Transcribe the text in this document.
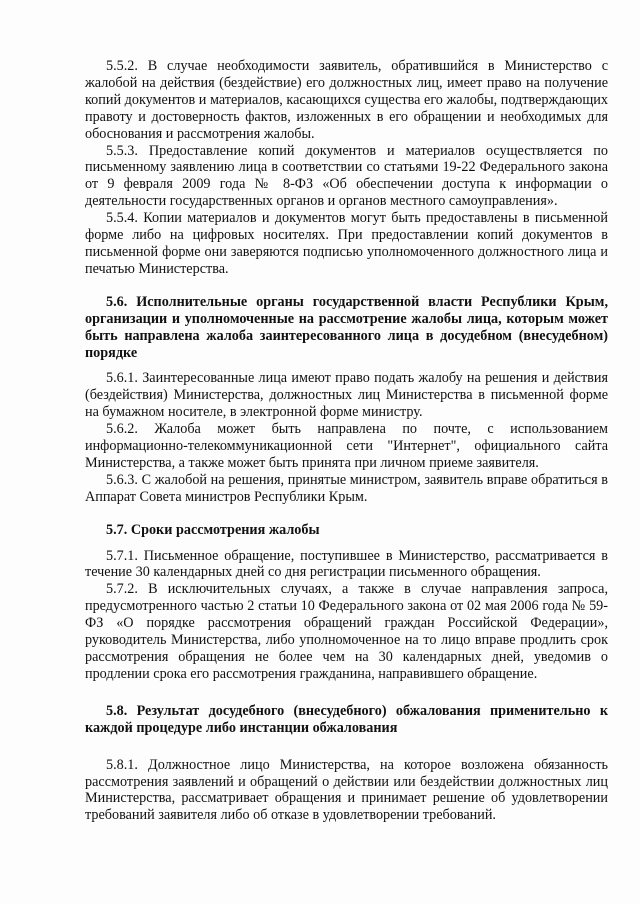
5.5.2. В случае необходимости заявитель, обратившийся в Министерство с жалобой на действия (бездействие) его должностных лиц, имеет право на получение копий документов и материалов, касающихся существа его жалобы, подтверждающих правоту и достоверность фактов, изложенных в его обращении и необходимых для обоснования и рассмотрения жалобы.

5.5.3. Предоставление копий документов и материалов осуществляется по письменному заявлению лица в соответствии со статьями 19-22 Федерального закона от 9 февраля 2009 года № 8-ФЗ «Об обеспечении доступа к информации о деятельности государственных органов и органов местного самоуправления».

5.5.4. Копии материалов и документов могут быть предоставлены в письменной форме либо на цифровых носителях. При предоставлении копий документов в письменной форме они заверяются подписью уполномоченного должностного лица и печатью Министерства.

5.6. Исполнительные органы государственной власти Республики Крым, организации и уполномоченные на рассмотрение жалобы лица, которым может быть направлена жалоба заинтересованного лица в досудебном (внесудебном) порядке

5.6.1. Заинтересованные лица имеют право подать жалобу на решения и действия (бездействия) Министерства, должностных лиц Министерства в письменной форме на бумажном носителе, в электронной форме министру.

5.6.2. Жалоба может быть направлена по почте, с использованием информационно-телекоммуникационной сети "Интернет", официального сайта Министерства, а также может быть принята при личном приеме заявителя.

5.6.3. С жалобой на решения, принятые министром, заявитель вправе обратиться в Аппарат Совета министров Республики Крым.

5.7. Сроки рассмотрения жалобы

5.7.1. Письменное обращение, поступившее в Министерство, рассматривается в течение 30 календарных дней со дня регистрации письменного обращения.

5.7.2. В исключительных случаях, а также в случае направления запроса, предусмотренного частью 2 статьи 10 Федерального закона от 02 мая 2006 года № 59-ФЗ «О порядке рассмотрения обращений граждан Российской Федерации», руководитель Министерства, либо уполномоченное на то лицо вправе продлить срок рассмотрения обращения не более чем на 30 календарных дней, уведомив о продлении срока его рассмотрения гражданина, направившего обращение.

5.8. Результат досудебного (внесудебного) обжалования применительно к каждой процедуре либо инстанции обжалования

5.8.1. Должностное лицо Министерства, на которое возложена обязанность рассмотрения заявлений и обращений о действии или бездействии должностных лиц Министерства, рассматривает обращения и принимает решение об удовлетворении требований заявителя либо об отказе в удовлетворении требований.
